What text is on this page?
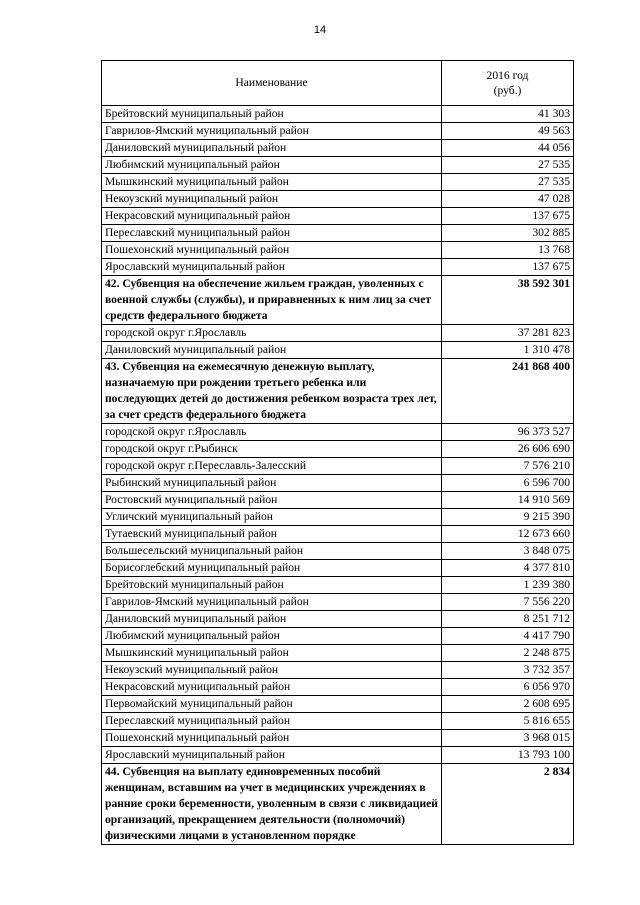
14
Наименование	2016 год
(руб.)

Брейтовский муниципальный район	41 303
Гаврилов-Ямский муниципальный район	49 563
Даниловский муниципальный район	44 056
Любимский муниципальный район	27 535
Мышкинский муниципальный район	27 535
Некоузский муниципальный район	47 028
Некрасовский муниципальный район	137 675
Переславский муниципальный район	302 885
Пошехонский муниципальный район	13 768
Ярославский муниципальный район	137 675
42. Субвенция на обеспечение жильем граждан, уволенных с военной службы (службы), и приравненных к ним лиц за счет средств федерального бюджета	38 592 301
городской округ г.Ярославль	37 281 823
Даниловский муниципальный район	1 310 478
43. Субвенция на ежемесячную денежную выплату, назначаемую при рождении третьего ребенка или последующих детей до достижения ребенком возраста трех лет, за счет средств федерального бюджета	241 868 400
городской округ г.Ярославль	96 373 527
городской округ г.Рыбинск	26 606 690
городской округ г.Переславль-Залесский	7 576 210
Рыбинский муниципальный район	6 596 700
Ростовский муниципальный район	14 910 569
Угличский муниципальный район	9 215 390
Тутаевский муниципальный район	12 673 660
Большесельский муниципальный район	3 848 075
Борисоглебский муниципальный район	4 377 810
Брейтовский муниципальный район	1 239 380
Гаврилов-Ямский муниципальный район	7 556 220
Даниловский муниципальный район	8 251 712
Любимский муниципальный район	4 417 790
Мышкинский муниципальный район	2 248 875
Некоузский муниципальный район	3 732 357
Некрасовский муниципальный район	6 056 970
Первомайский муниципальный район	2 608 695
Переславский муниципальный район	5 816 655
Пошехонский муниципальный район	3 968 015
Ярославский муниципальный район	13 793 100
44. Субвенция на выплату единовременных пособий женщинам, вставшим на учет в медицинских учреждениях в ранние сроки беременности, уволенным в связи с ликвидацией организаций, прекращением деятельности (полномочий) физическими лицами в установленном порядке	2 834
